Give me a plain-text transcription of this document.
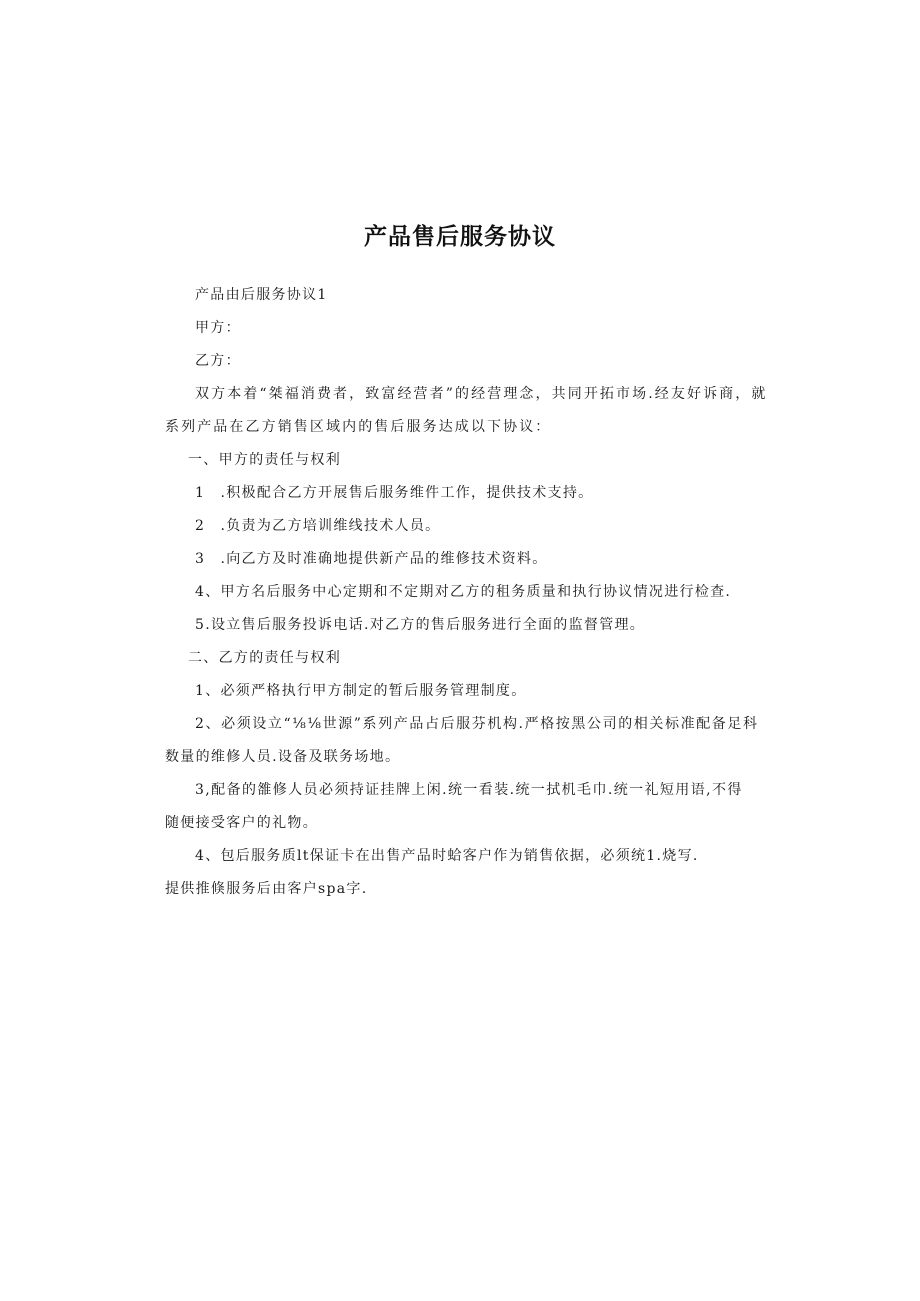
产品售后服务协议
产品由后服务协议1
甲方：
乙方：
双方本着“桀福消费者，致富经营者”的经营理念，共同开拓市场.经友好诉商，就
系列产品在乙方销售区域内的售后服务达成以下协议：
一、甲方的责任与权利
1　.积极配合乙方开展售后服务维件工作，提供技术支持。
2　.负责为乙方培训维线技术人员。
3　.向乙方及时准确地提供新产品的维修技术资料。
4、甲方名后服务中心定期和不定期对乙方的租务质量和执行协议情况进行检查.
5.设立售后服务投诉电话.对乙方的售后服务进行全面的监督管理。
二、乙方的责任与权利
1、必须严格执行甲方制定的暂后服务管理制度。
2、必须设立“⅛⅛世源”系列产品占后服芬机构.严格按黑公司的相关标准配备足科
数量的维修人员.设备及联务场地。
3,配备的雒修人员必须持证挂牌上闲.统一看装.统一拭机毛巾.统一礼短用语,不得
随便接受客户的礼物。
4、包后服务质lt保证卡在出售产品时蛤客户作为销售依据，必须统1.烧写.
提供推倏服务后由客户spa字.
